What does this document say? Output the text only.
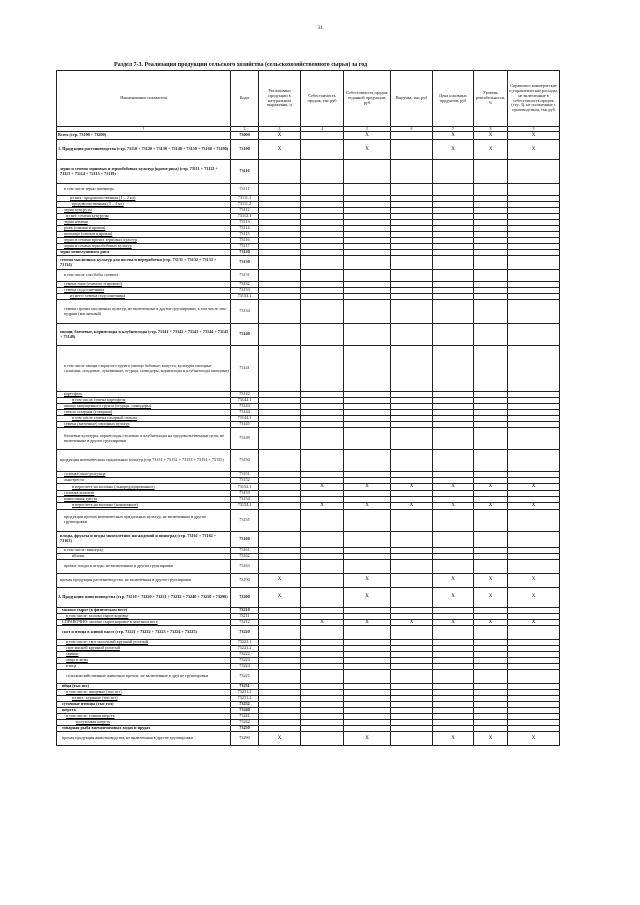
31
Раздел 7-3. Реализация продукции сельского хозяйства (сельскохозяйственного сырья) за год
Наименование показателя	Коды	Реализовано продукции в натуральном выражении, ц	Себестоимость продаж, тыс.руб	Себестоимость продаж отданной продукции, руб	Выручка, тыс.руб	Цена основных продуктов, руб	Уровень рентабельности, %	Справочно: коммерческие и управленческие расходы, не включенные в себестоимость продаж (стр. 3), не оплаченные с производством, тыс.руб
1	2	3	4	5	6	7	8	9
Всего (стр. 73100 + 73200)	73000	X		X		X	X	X
1. Продукция растениеводства (стр. 73110 + 73120 + 73130 + 73140 + 73150 + 73160 + 73190)	73100	X		X		X	X	X
зерно и семена зерновых и зернобобовых культур (кроме риса) (стр. 73111 + 73112 + 73113 + 73114 + 72115 + 73119)	73110							
в том числе зерно пшеницы	73111							
из них: продовольственная (1 – 2 кл)	73111.1							
продовольственная (3 – 4 кл)	73111.2							
зерно кукурузы	73112							
из нег. семена кукурузы	73112.1							
зерно ячменя	73113							
рожь (озимая и яровая)	73114							
пшеница (озимая и яровая)	73115							
зерно и семена прочих зерновых культур	73116							
зерно и семена зернобобовых культур	73117							
зерно нешелушеного риса	73120							
семена масличных культур для посева и переработки (стр. 73131 + 73132 + 73133 + 73134)	73130							
в том числе соя (бобы соевые)	73131							
семена льна (озимого и ярового)	73132							
семена подсолнечника	73133							
из него: семена подсолнечника	73133.1							
семена прочих масличных культур, не включенные в другие группировки, в том числе лен-кудряш (масличный)	73134							
овощи, бахчевые, корнеплоды и клубнеплоды (стр. 73141 + 73142 + 73143 + 73144 + 73145 + 73149)	73140							
в том числе овощи открытого грунта (овощи бобовые, капуста, культуры овощные салатные, плодовые, луковичные, огурцы, помидоры, корнеплоды и клубнеплоды овощные)	73141							
картофель	73142							
в том числе семена картофеля	73142.1							
овощи защищенного грунта (огурцы, помидоры)	73143							
свекла сахарная (товарная)	73144							
в том числе семена сахарной свеклы	73144.1							
семена (маточные) овощных культур	73145							
бахчевые культуры, корнеплоды столовые и клубнеплоды на продовольственные цели, не включенные в другие группировки	73149							
продукция непеневесных прядильных культур (стр 73151 + 73152 + 73153 + 73154 + 73155)	73150							
соломка льна-долгунца	73151							
льнотреста	73152							
в пересчете на волокно (льноредуцированное)	73152.1		X	X	X	X	X	X
соломка конопли	73153							
конопляная треста	73154							
в пересчете на волокно (конопляное)	73154.1		X	X	X	X	X	X
продукция прочих непеневесных прядильных культур, не включенные в другие группировки	73155							
плоды, фрукты и ягоды многолетних насаждений и виноград (стр. 73161 + 73162 + 73163)	73160							
в том числе: виноград	73161							
яблоки	73162							
прочие плоды и ягоды, не включенные в другие группировки	73163							
прочая продукция растениеводства, не включенная в другие группировки	73190	X		X		X	X	X
2. Продукция животноводства (стр. 73210 + 73220 + 73231 + 73232 + 73240 + 73250 + 73290)	73200	X		X		X	X	X
молоко сырое (в физическом весе)	73210							
в том числе: молоко сырое коровье	73211							
СПРАВОЧНО: молоко сырое коровье в зачетном весе	73212		X	X	X	X	X	X
скот и птица в живой массе (стр. 73221 + 73222 + 73223 + 73224 + 73225)	73220							
в том числе: скот молочный крупный рогатый	73221.1							
скот мясной крупный рогатый	73221.2							
свиньи	73222							
овцы и козы	73223							
птица	73224							
сельскохозяйственные животные прочие, не включенные в другие группировки	73225							
яйца (тыс шт)	73231							
в том числе: пищевые (тыс шт)	73231.1							
из них: куриные (тыс шт)	73231.2							
суточные птенцы (тыс гол)	73232							
шерсть	73240							
в том числе: тонкая шерсть	73241							
полутонкая шерсть	73242							
товарная рыба внеманчиховых водах и прудах	73250							
прочая продукция животноводства, не включенная в другие группировки	73290	X		X		X	X	X
